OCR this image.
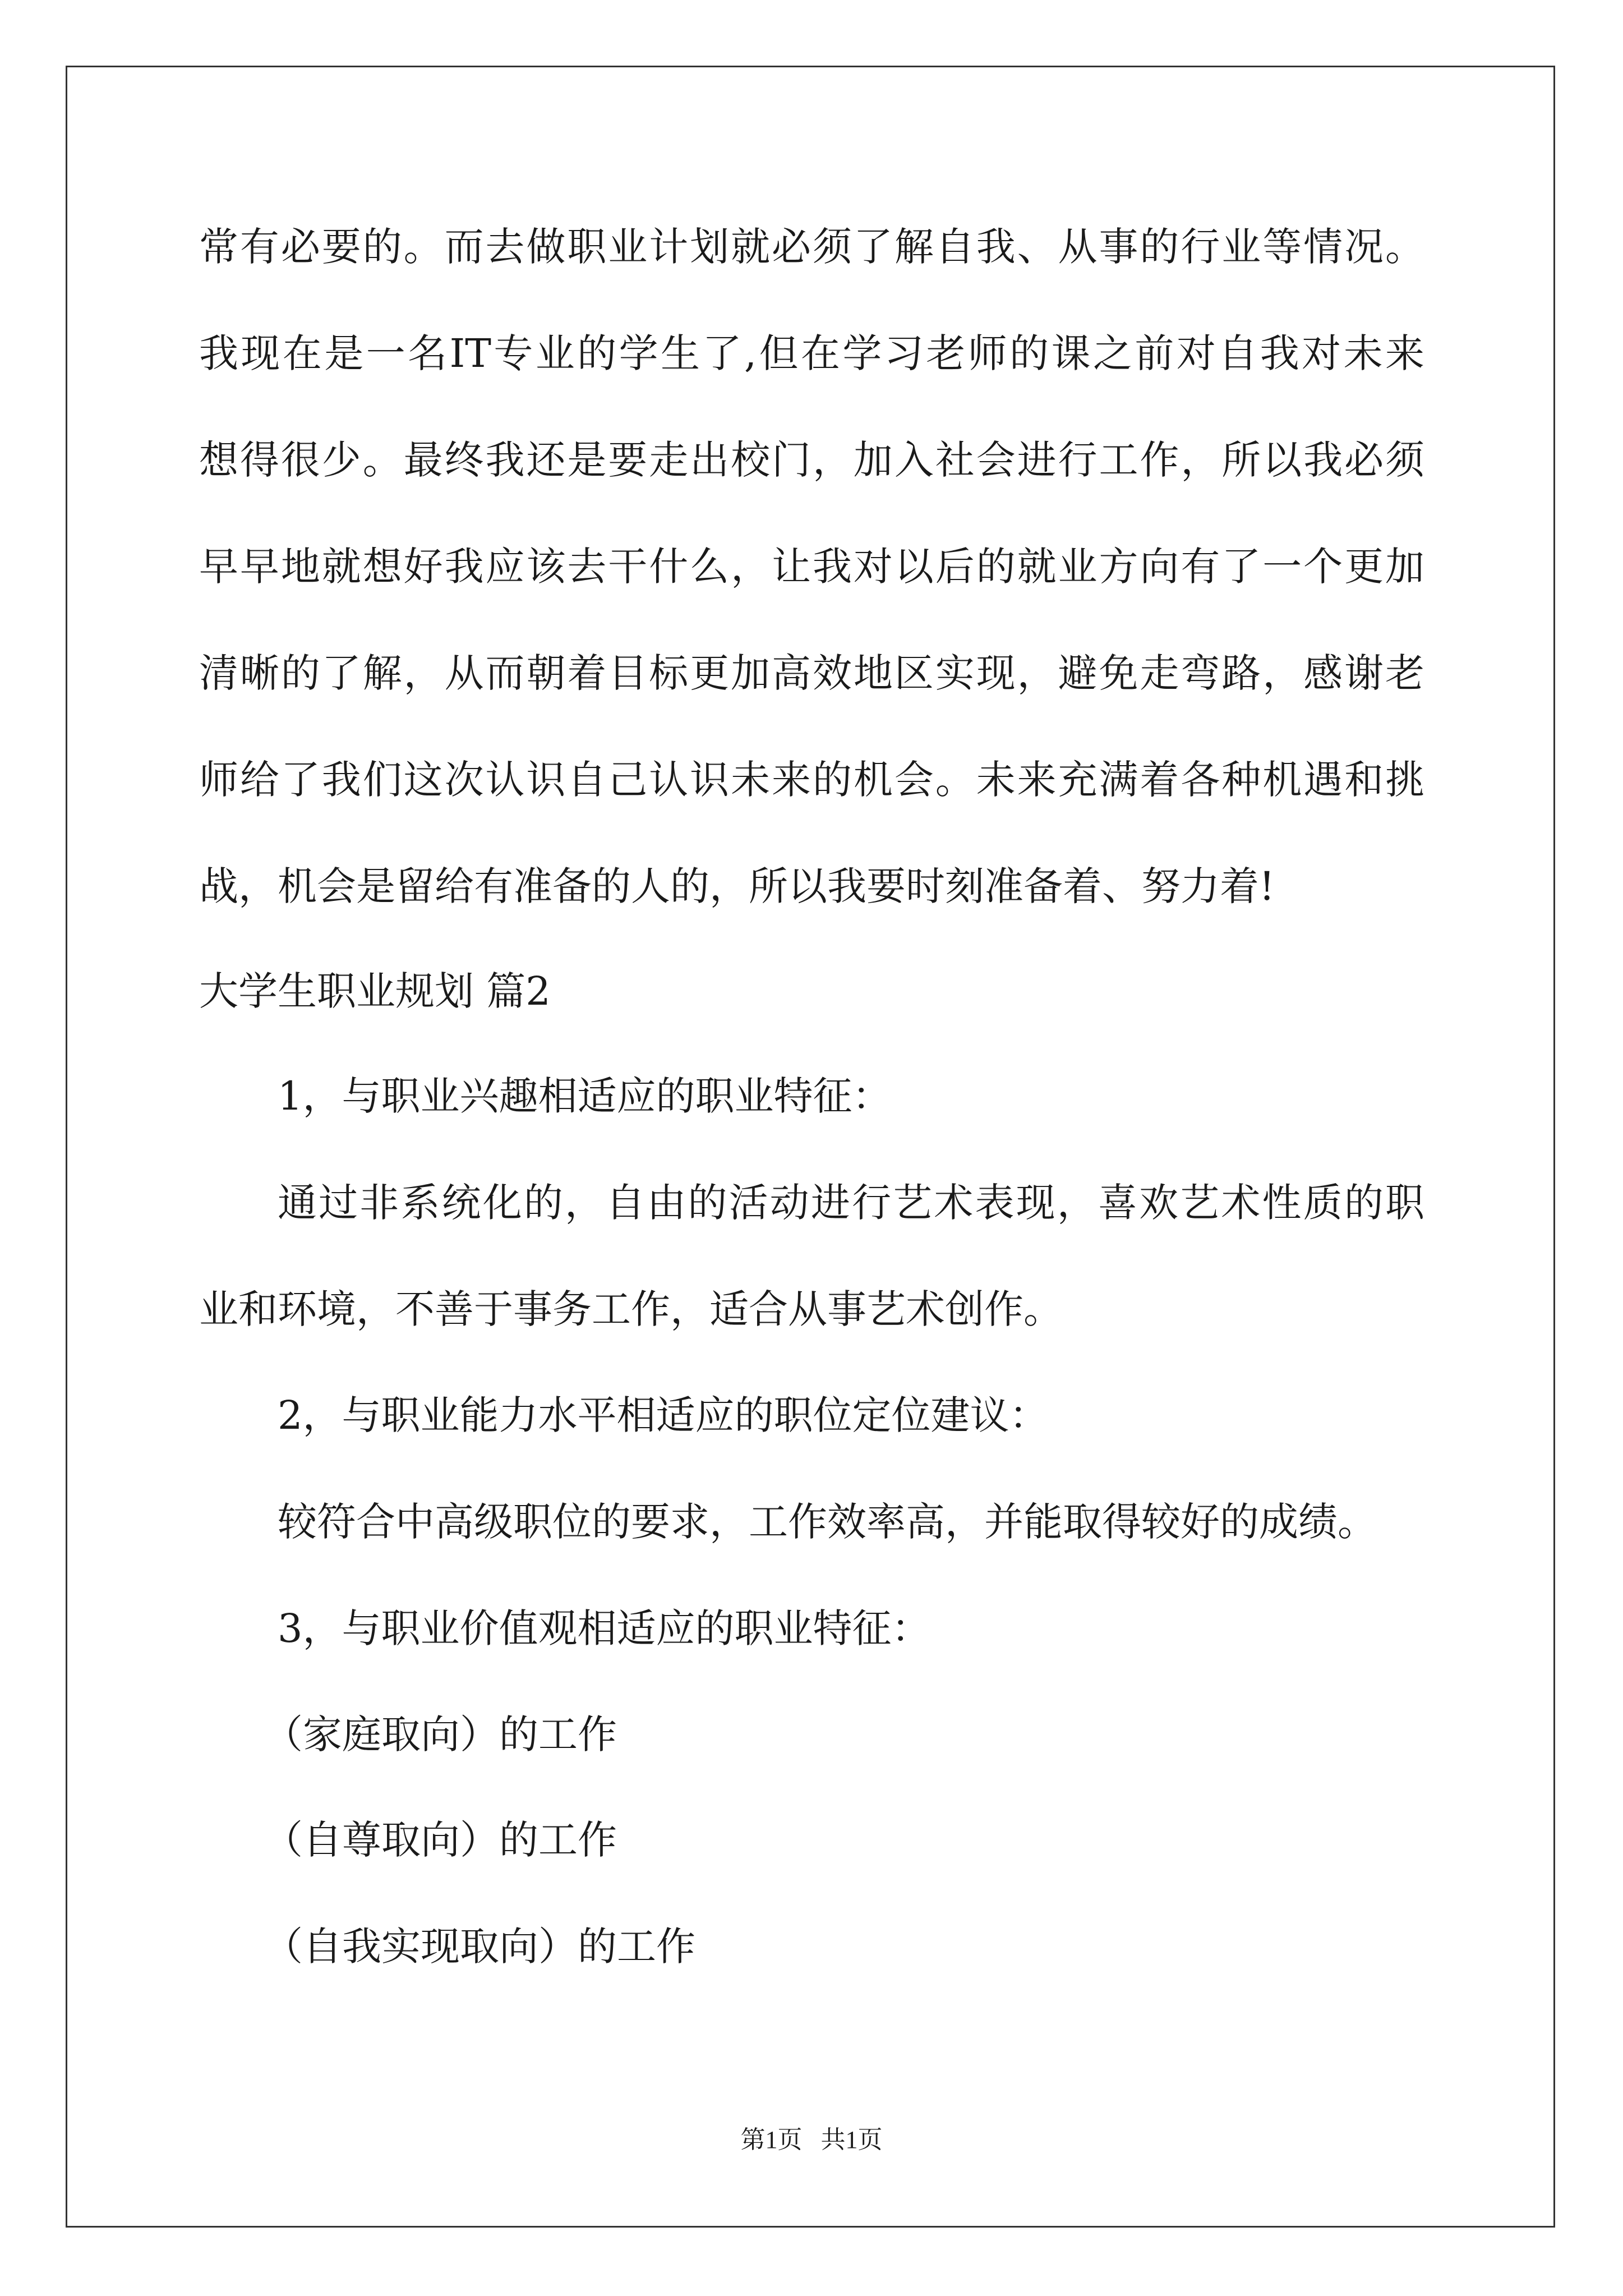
常有必要的。而去做职业计划就必须了解自我、从事的行业等情况。

我现在是一名IT专业的学生了,但在学习老师的课之前对自我对未来

想得很少。最终我还是要走出校门，加入社会进行工作，所以我必须

早早地就想好我应该去干什么，让我对以后的就业方向有了一个更加

清晰的了解，从而朝着目标更加高效地区实现，避免走弯路，感谢老

师给了我们这次认识自己认识未来的机会。未来充满着各种机遇和挑

战，机会是留给有准备的人的，所以我要时刻准备着、努力着!

大学生职业规划 篇2

1，与职业兴趣相适应的职业特征：

通过非系统化的，自由的活动进行艺术表现，喜欢艺术性质的职

业和环境，不善于事务工作，适合从事艺术创作。

2，与职业能力水平相适应的职位定位建议：

较符合中高级职位的要求，工作效率高，并能取得较好的成绩。

3，与职业价值观相适应的职业特征：

（家庭取向）的工作

（自尊取向）的工作

（自我实现取向）的工作

第1页   共1页
